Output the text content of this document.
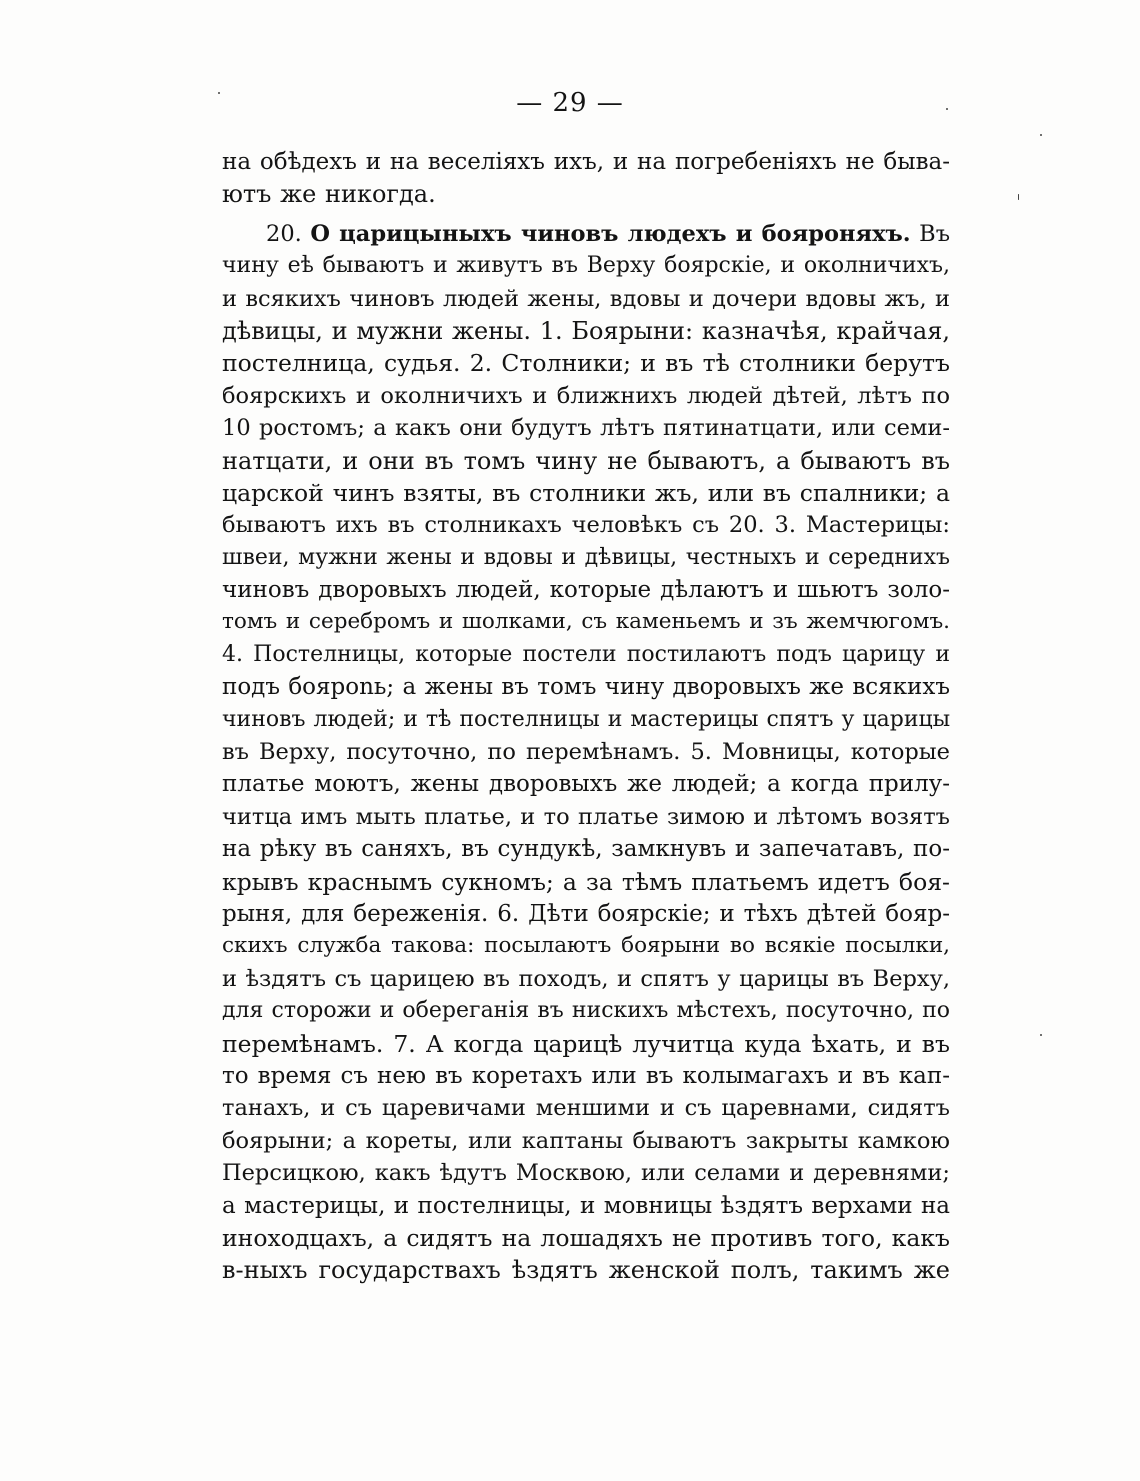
— 29 —
на обѣдехъ и на веселіяхъ ихъ, и на погребеніяхъ не быва-
ютъ же никогда.
20. О царицыныхъ чиновъ людехъ и бояроняхъ. Въ
чину еѣ бываютъ и живутъ въ Верху боярскіе, и околничихъ,
и всякихъ чиновъ людей жены, вдовы и дочери вдовы жъ, и
дѣвицы, и мужни жены. 1. Боярыни: казначѣя, крайчая,
постелница, судья. 2. Столники; и въ тѣ столники берутъ
боярскихъ и околничихъ и ближнихъ людей дѣтей, лѣтъ по
10 ростомъ; а какъ они будутъ лѣтъ пятинатцати, или семи-
натцати, и они въ томъ чину не бываютъ, а бываютъ въ
царской чинъ взяты, въ столники жъ, или въ спалники; а
бываютъ ихъ въ столникахъ человѣкъ съ 20. 3. Мастерицы:
швеи, мужни жены и вдовы и дѣвицы, честныхъ и середнихъ
чиновъ дворовыхъ людей, которые дѣлаютъ и шьютъ золо-
томъ и серебромъ и шолками, съ каменьемъ и зъ жемчюгомъ.
4. Постелницы, которые постели постилаютъ подъ царицу и
подъ боярonь; а жены въ томъ чину дворовыхъ же всякихъ
чиновъ людей; и тѣ постелницы и мастерицы спятъ у царицы
въ Верху, посуточно, по перемѣнамъ. 5. Мовницы, которые
платье моютъ, жены дворовыхъ же людей; а когда прилу-
читца имъ мыть платье, и то платье зимою и лѣтомъ возятъ
на рѣку въ саняхъ, въ сундукѣ, замкнувъ и запечатавъ, по-
крывъ краснымъ сукномъ; а за тѣмъ платьемъ идетъ боя-
рыня, для береженія. 6. Дѣти боярскіе; и тѣхъ дѣтей бояр-
скихъ служба такова: посылаютъ боярыни во всякіе посылки,
и ѣздятъ съ царицею въ походъ, и спятъ у царицы въ Верху,
для сторожи и обереганія въ нискихъ мѣстехъ, посуточно, по
перемѣнамъ. 7. А когда царицѣ лучитца куда ѣхать, и въ
то время съ нею въ коретахъ или въ колымагахъ и въ кап-
танахъ, и съ царевичами меншими и съ царевнами, сидятъ
боярыни; а кореты, или каптаны бываютъ закрыты камкою
Персицкою, какъ ѣдутъ Москвою, или селами и деревнями;
а мастерицы, и постелницы, и мовницы ѣздятъ верхами на
иноходцахъ, а сидятъ на лошадяхъ не противъ того, какъ
в-ныхъ государствахъ ѣздятъ женской полъ, такимъ же
